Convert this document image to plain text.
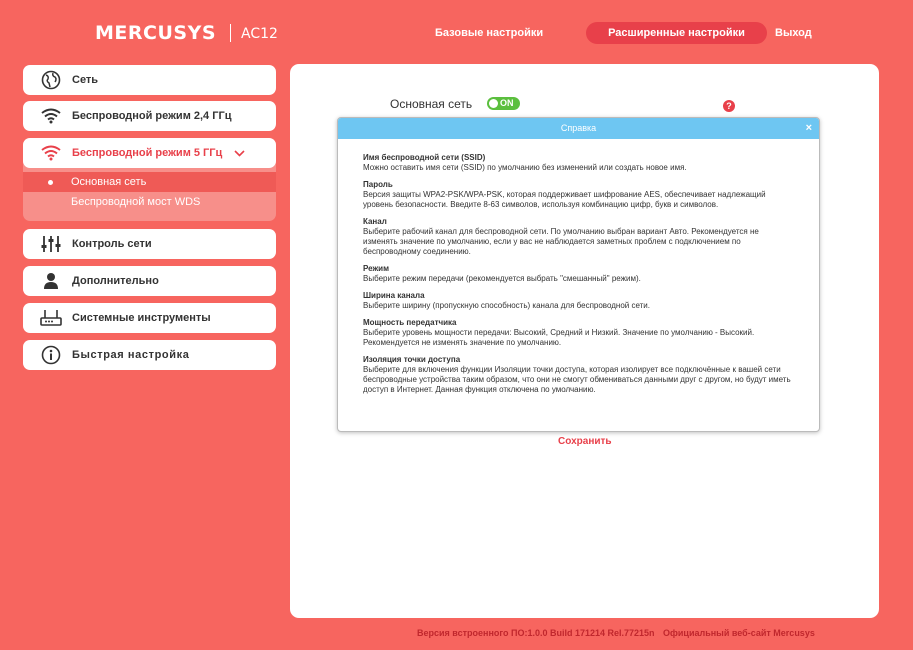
MERCUSYS AC12	Базовые настройки	Расширенные настройки	Выход
Сеть
Беспроводной режим 2,4 ГГц
Беспроводной режим 5 ГГц
Основная сеть
Беспроводной мост WDS
Контроль сети
Дополнительно
Системные инструменты
Быстрая настройка
Основная сеть	ON	?
Сохранить
Справка	×
Имя беспроводной сети (SSID)
Можно оставить имя сети (SSID) по умолчанию без изменений или создать новое имя.
Пароль
Версия защиты WPA2-PSK/WPA-PSK, которая поддерживает шифрование AES, обеспечивает надлежащий уровень безопасности. Введите 8-63 символов, используя комбинацию цифр, букв и символов.
Канал
Выберите рабочий канал для беспроводной сети. По умолчанию выбран вариант Авто. Рекомендуется не изменять значение по умолчанию, если у вас не наблюдается заметных проблем с подключением по беспроводному соединению.
Режим
Выберите режим передачи (рекомендуется выбрать "смешанный" режим).
Ширина канала
Выберите ширину (пропускную способность) канала для беспроводной сети.
Мощность передатчика
Выберите уровень мощности передачи: Высокий, Средний и Низкий. Значение по умолчанию - Высокий. Рекомендуется не изменять значение по умолчанию.
Изоляция точки доступа
Выберите для включения функции Изоляции точки доступа, которая изолирует все подключённые к вашей сети беспроводные устройства таким образом, что они не смогут обмениваться данными друг с другом, но будут иметь доступ в Интернет. Данная функция отключена по умолчанию.
Версия встроенного ПО:1.0.0 Build 171214 Rel.77215n Официальный веб-сайт Mercusys
